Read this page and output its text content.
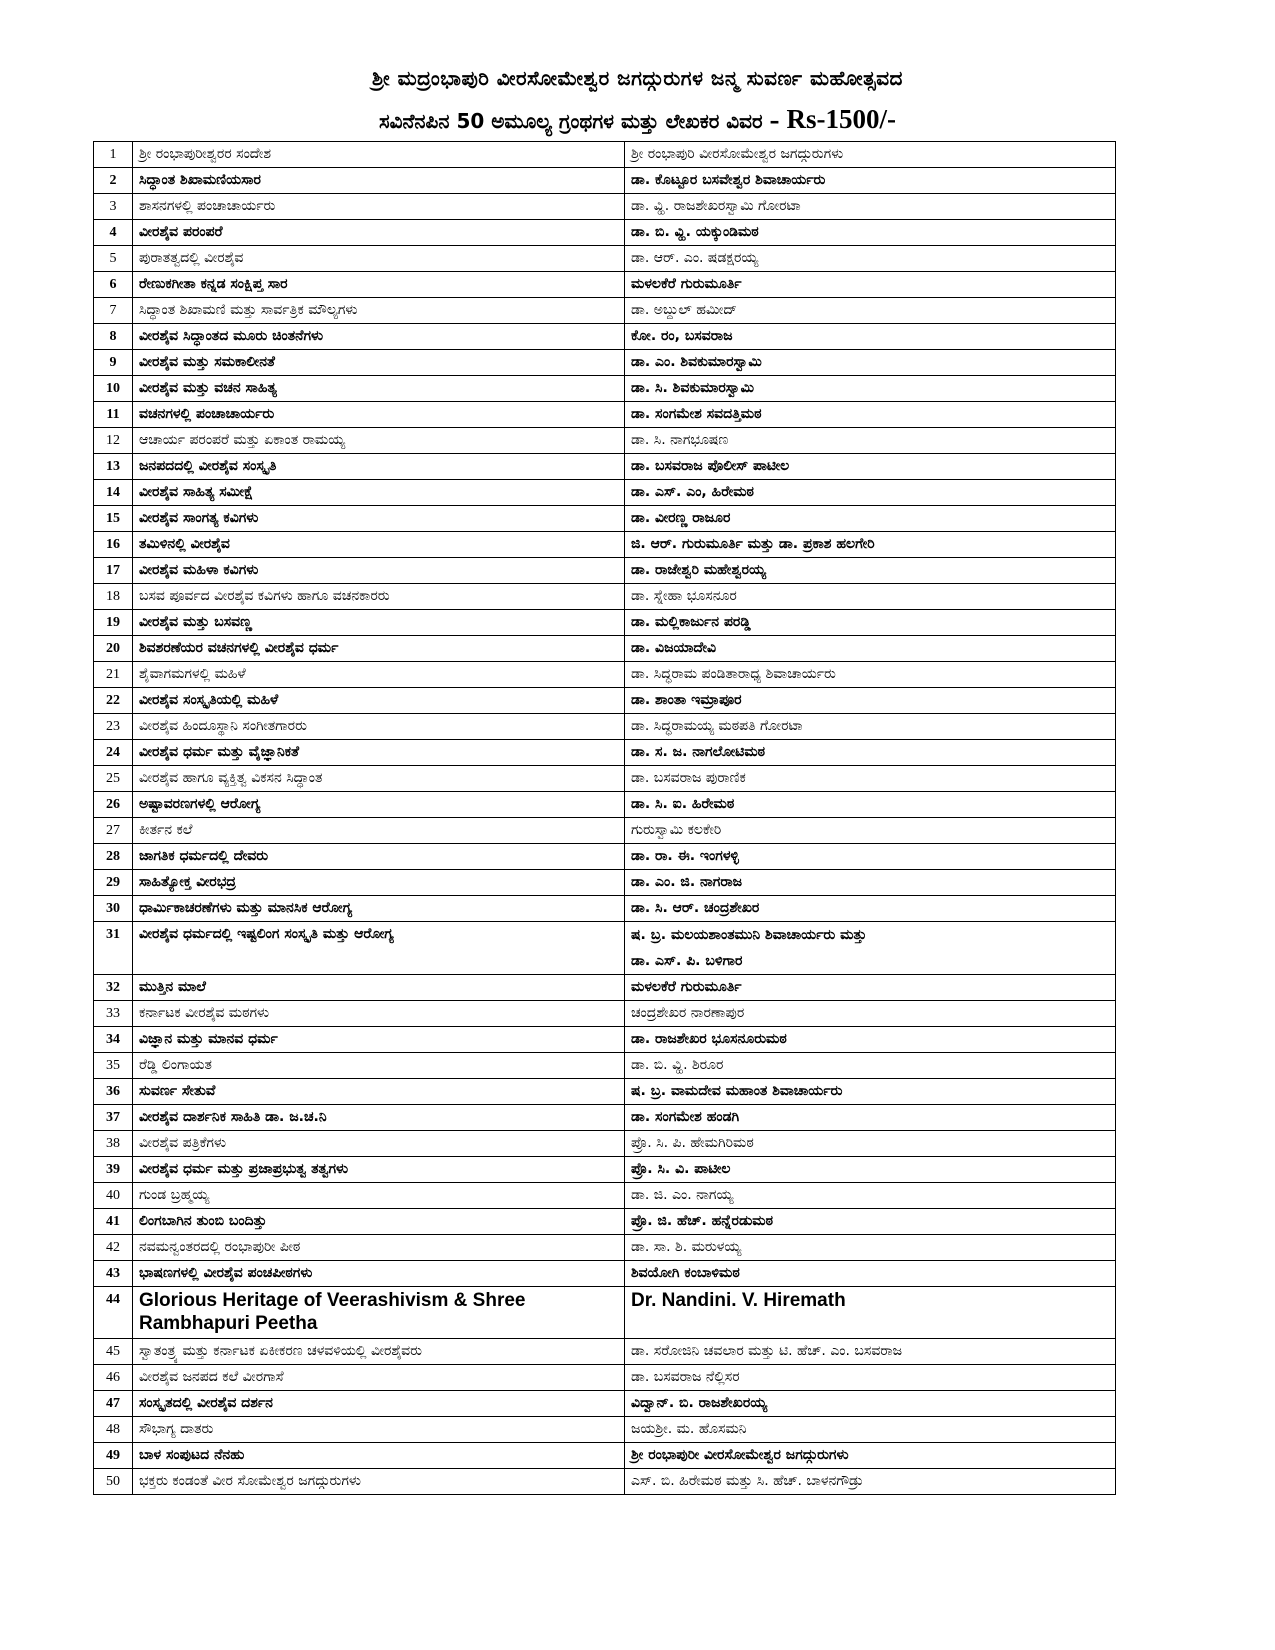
ಶ್ರೀ ಮದ್ರಂಭಾಪುರಿ ವೀರಸೋಮೇಶ್ವರ ಜಗದ್ಗುರುಗಳ ಜನ್ಮ ಸುವರ್ಣ ಮಹೋತ್ಸವದ
ಸವಿನೆನಪಿನ 50 ಅಮೂಲ್ಯ ಗ್ರಂಥಗಳ ಮತ್ತು ಲೇಖಕರ ವಿವರ – Rs-1500/-
1	ಶ್ರೀ ರಂಭಾಪುರೀಶ್ವರರ ಸಂದೇಶ	ಶ್ರೀ ರಂಭಾಪುರಿ ವೀರಸೋಮೇಶ್ವರ ಜಗದ್ಗುರುಗಳು
2	ಸಿದ್ಧಾಂತ ಶಿಖಾಮಣಿಯಸಾರ	ಡಾ. ಕೊಟ್ಟೂರ ಬಸವೇಶ್ವರ ಶಿವಾಚಾರ್ಯರು
3	ಶಾಸನಗಳಲ್ಲಿ ಪಂಚಾಚಾರ್ಯರು	ಡಾ. ವ್ಹಿ. ರಾಜಶೇಖರಸ್ವಾಮಿ ಗೋರಟಾ
4	ವೀರಶೈವ ಪರಂಪರೆ	ಡಾ. ಬಿ. ವ್ಹಿ. ಯಕ್ಕುಂಡಿಮಠ
5	ಪುರಾತತ್ವದಲ್ಲಿ ವೀರಶೈವ	ಡಾ. ಆರ್. ಎಂ. ಷಡಕ್ಷರಯ್ಯ
6	ರೇಣುಕಗೀತಾ ಕನ್ನಡ ಸಂಕ್ಷಿಪ್ತ ಸಾರ	ಮಳಲಕೆರೆ ಗುರುಮೂರ್ತಿ
7	ಸಿದ್ಧಾಂತ ಶಿಖಾಮಣಿ ಮತ್ತು ಸಾರ್ವತ್ರಿಕ ಮೌಲ್ಯಗಳು	ಡಾ. ಅಬ್ದುಲ್ ಹಮೀದ್
8	ವೀರಶೈವ ಸಿದ್ಧಾಂತದ ಮೂರು ಚಿಂತನೆಗಳು	ಕೋ. ರಂ, ಬಸವರಾಜ
9	ವೀರಶೈವ ಮತ್ತು ಸಮಕಾಲೀನತೆ	ಡಾ. ಎಂ. ಶಿವಕುಮಾರಸ್ವಾಮಿ
10	ವೀರಶೈವ ಮತ್ತು ವಚನ ಸಾಹಿತ್ಯ	ಡಾ. ಸಿ. ಶಿವಕುಮಾರಸ್ವಾಮಿ
11	ವಚನಗಳಲ್ಲಿ ಪಂಚಾಚಾರ್ಯರು	ಡಾ. ಸಂಗಮೇಶ ಸವದತ್ತಿಮಠ
12	ಆಚಾರ್ಯ ಪರಂಪರೆ ಮತ್ತು ಏಕಾಂತ ರಾಮಯ್ಯ	ಡಾ. ಸಿ. ನಾಗಭೂಷಣ
13	ಜನಪದದಲ್ಲಿ ವೀರಶೈವ ಸಂಸ್ಕೃತಿ	ಡಾ. ಬಸವರಾಜ ಪೊಲೀಸ್ ಪಾಟೀಲ
14	ವೀರಶೈವ ಸಾಹಿತ್ಯ ಸಮೀಕ್ಷೆ	ಡಾ. ಎಸ್. ಎಂ, ಹಿರೇಮಠ
15	ವೀರಶೈವ ಸಾಂಗತ್ಯ ಕವಿಗಳು	ಡಾ. ವೀರಣ್ಣ ರಾಜೂರ
16	ತಮಿಳಿನಲ್ಲಿ ವೀರಶೈವ	ಜಿ. ಆರ್. ಗುರುಮೂರ್ತಿ ಮತ್ತು ಡಾ. ಪ್ರಕಾಶ ಹಲಗೇರಿ
17	ವೀರಶೈವ ಮಹಿಳಾ ಕವಿಗಳು	ಡಾ. ರಾಜೇಶ್ವರಿ ಮಹೇಶ್ವರಯ್ಯ
18	ಬಸವ ಪೂರ್ವದ ವೀರಶೈವ ಕವಿಗಳು ಹಾಗೂ ವಚನಕಾರರು	ಡಾ. ಸ್ನೇಹಾ ಭೂಸನೂರ
19	ವೀರಶೈವ ಮತ್ತು ಬಸವಣ್ಣ	ಡಾ. ಮಲ್ಲಿಕಾರ್ಜುನ ಪರಡ್ಡಿ
20	ಶಿವಶರಣೆಯರ ವಚನಗಳಲ್ಲಿ ವೀರಶೈವ ಧರ್ಮ	ಡಾ. ವಿಜಯಾದೇವಿ
21	ಶೈವಾಗಮಗಳಲ್ಲಿ ಮಹಿಳೆ	ಡಾ. ಸಿದ್ಧರಾಮ ಪಂಡಿತಾರಾಧ್ಯ ಶಿವಾಚಾರ್ಯರು
22	ವೀರಶೈವ ಸಂಸ್ಕೃತಿಯಲ್ಲಿ ಮಹಿಳೆ	ಡಾ. ಶಾಂತಾ ಇಮ್ರಾಪೂರ
23	ವೀರಶೈವ ಹಿಂದೂಸ್ಥಾನಿ ಸಂಗೀತಗಾರರು	ಡಾ. ಸಿದ್ಧರಾಮಯ್ಯ ಮಠಪತಿ ಗೋರಟಾ
24	ವೀರಶೈವ ಧರ್ಮ ಮತ್ತು ವೈಜ್ಞಾನಿಕತೆ	ಡಾ. ಸ. ಜ. ನಾಗಲೋಟಿಮಠ
25	ವೀರಶೈವ ಹಾಗೂ ವ್ಯಕ್ತಿತ್ವ ವಿಕಸನ ಸಿದ್ಧಾಂತ	ಡಾ. ಬಸವರಾಜ ಪುರಾಣಿಕ
26	ಅಷ್ಟಾವರಣಗಳಲ್ಲಿ ಆರೋಗ್ಯ	ಡಾ. ಸಿ. ಐ. ಹಿರೇಮಠ
27	ಕೀರ್ತನ ಕಲೆ	ಗುರುಸ್ವಾಮಿ ಕಲಕೇರಿ
28	ಜಾಗತಿಕ ಧರ್ಮದಲ್ಲಿ ದೇವರು	ಡಾ. ರಾ. ಈ. ಇಂಗಳಳ್ಳಿ
29	ಸಾಹಿತ್ಯೋಕ್ತ ವೀರಭದ್ರ	ಡಾ. ಎಂ. ಜಿ. ನಾಗರಾಜ
30	ಧಾರ್ಮಿಕಾಚರಣೆಗಳು ಮತ್ತು ಮಾನಸಿಕ ಆರೋಗ್ಯ	ಡಾ. ಸಿ. ಆರ್. ಚಂದ್ರಶೇಖರ
31	ವೀರಶೈವ ಧರ್ಮದಲ್ಲಿ ಇಷ್ಟಲಿಂಗ ಸಂಸ್ಕೃತಿ ಮತ್ತು ಆರೋಗ್ಯ	ಷ. ಬ್ರ. ಮಲಯಶಾಂತಮುನಿ ಶಿವಾಚಾರ್ಯರು ಮತ್ತು
ಡಾ. ಎಸ್. ಪಿ. ಬಳಿಗಾರ

32	ಮುತ್ತಿನ ಮಾಲೆ	ಮಳಲಕೆರೆ ಗುರುಮೂರ್ತಿ
33	ಕರ್ನಾಟಕ ವೀರಶೈವ ಮಠಗಳು	ಚಂದ್ರಶೇಖರ ನಾರಣಾಪುರ
34	ವಿಜ್ಞಾನ ಮತ್ತು ಮಾನವ ಧರ್ಮ	ಡಾ. ರಾಜಶೇಖರ ಭೂಸನೂರುಮಠ
35	ರೆಡ್ಡಿ ಲಿಂಗಾಯತ	ಡಾ. ಬಿ. ವ್ಹಿ. ಶಿರೂರ
36	ಸುವರ್ಣ ಸೇತುವೆ	ಷ. ಬ್ರ. ವಾಮದೇವ ಮಹಾಂತ ಶಿವಾಚಾರ್ಯರು
37	ವೀರಶೈವ ದಾರ್ಶನಿಕ ಸಾಹಿತಿ ಡಾ. ಜ.ಚ.ನಿ	ಡಾ. ಸಂಗಮೇಶ ಹಂಡಗಿ
38	ವೀರಶೈವ ಪತ್ರಿಕೆಗಳು	ಪ್ರೊ. ಸಿ. ಪಿ. ಹೇಮಗಿರಿಮಠ
39	ವೀರಶೈವ ಧರ್ಮ ಮತ್ತು ಪ್ರಜಾಪ್ರಭುತ್ವ ತತ್ವಗಳು	ಪ್ರೊ. ಸಿ. ವಿ. ಪಾಟೀಲ
40	ಗುಂಡ ಬ್ರಹ್ಮಯ್ಯ	ಡಾ. ಜಿ. ಎಂ. ನಾಗಯ್ಯ
41	ಲಿಂಗಬಾಗಿನ ತುಂಬಿ ಬಂದಿತ್ತು	ಪ್ರೊ. ಜಿ. ಹೆಚ್. ಹನ್ನೆರಡುಮಠ
42	ನವಮನ್ವಂತರದಲ್ಲಿ ರಂಭಾಪುರೀ ಪೀಠ	ಡಾ. ಸಾ. ಶಿ. ಮರುಳಯ್ಯ
43	ಭಾಷಣಗಳಲ್ಲಿ ವೀರಶೈವ ಪಂಚಪೀಠಗಳು	ಶಿವಯೋಗಿ ಕಂಬಾಳಿಮಠ
44	Glorious Heritage of Veerashivism & Shree Rambhapuri Peetha	Dr. Nandini. V. Hiremath
45	ಸ್ವಾತಂತ್ರ್ಯ ಮತ್ತು ಕರ್ನಾಟಕ ಏಕೀಕರಣ ಚಳವಳಿಯಲ್ಲಿ ವೀರಶೈವರು	ಡಾ. ಸರೋಜಿನಿ ಚವಲಾರ ಮತ್ತು ಟಿ. ಹೆಚ್. ಎಂ. ಬಸವರಾಜ
46	ವೀರಶೈವ ಜನಪದ ಕಲೆ ವೀರಗಾಸೆ	ಡಾ. ಬಸವರಾಜ ನೆಲ್ಲಿಸರ
47	ಸಂಸ್ಕೃತದಲ್ಲಿ ವೀರಶೈವ ದರ್ಶನ	ವಿದ್ವಾನ್. ಬಿ. ರಾಜಶೇಖರಯ್ಯ
48	ಸೌಭಾಗ್ಯ ದಾತರು	ಜಯಶ್ರೀ. ಮ. ಹೊಸಮನಿ
49	ಬಾಳ ಸಂಪುಟದ ನೆನಹು	ಶ್ರೀ ರಂಭಾಪುರೀ ವೀರಸೋಮೇಶ್ವರ ಜಗದ್ಗುರುಗಳು
50	ಭಕ್ತರು ಕಂಡಂತೆ ವೀರ ಸೋಮೇಶ್ವರ ಜಗದ್ಗುರುಗಳು	ಎಸ್. ಬಿ. ಹಿರೇಮಠ ಮತ್ತು ಸಿ. ಹೆಚ್. ಬಾಳನಗೌಡ್ರು
